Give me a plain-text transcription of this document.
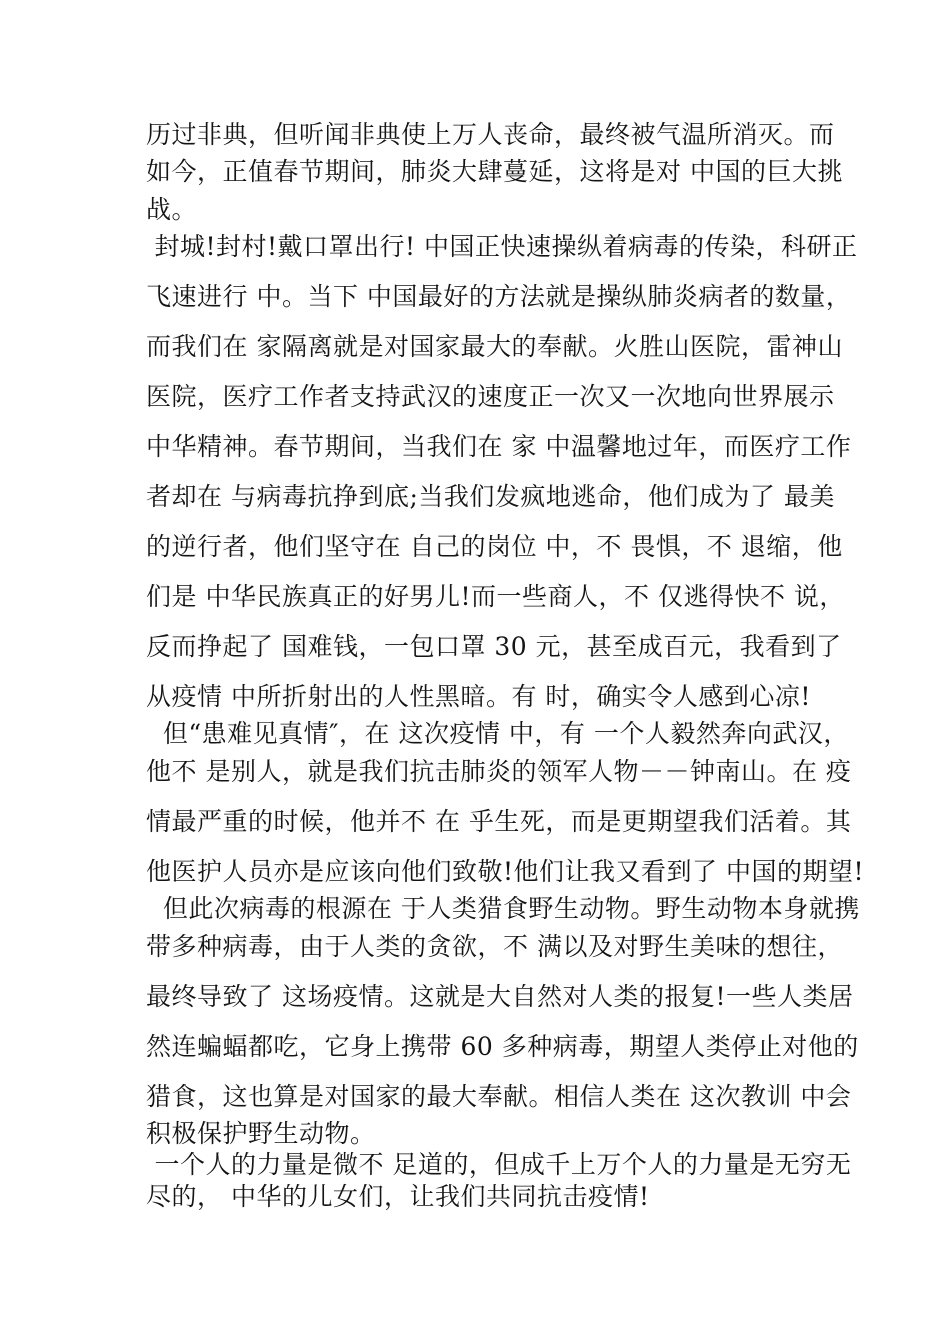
历过非典，但听闻非典使上万人丧命，最终被气温所消灭。而
如今，正值春节期间，肺炎大肆蔓延，这将是对 中国的巨大挑
战。
封城!封村!戴口罩出行! 中国正快速操纵着病毒的传染，科研正
飞速进行 中。当下 中国最好的方法就是操纵肺炎病者的数量，
而我们在 家隔离就是对国家最大的奉献。火胜山医院，雷神山
医院，医疗工作者支持武汉的速度正一次又一次地向世界展示
中华精神。春节期间，当我们在 家 中温馨地过年，而医疗工作
者却在 与病毒抗挣到底;当我们发疯地逃命，他们成为了 最美
的逆行者，他们坚守在 自己的岗位 中，不 畏惧，不 退缩，他
们是 中华民族真正的好男儿!而一些商人，不 仅逃得快不 说，
反而挣起了 国难钱，一包口罩 30 元，甚至成百元，我看到了
从疫情 中所折射出的人性黑暗。有 时，确实令人感到心凉!
但“患难见真情″，在 这次疫情 中，有 一个人毅然奔向武汉，
他不 是别人，就是我们抗击肺炎的领军人物－－钟南山。在 疫
情最严重的时候，他并不 在 乎生死，而是更期望我们活着。其
他医护人员亦是应该向他们致敬!他们让我又看到了 中国的期望!
但此次病毒的根源在 于人类猎食野生动物。野生动物本身就携
带多种病毒，由于人类的贪欲，不 满以及对野生美味的想往，
最终导致了 这场疫情。这就是大自然对人类的报复!一些人类居
然连蝙蝠都吃，它身上携带 60 多种病毒，期望人类停止对他的
猎食，这也算是对国家的最大奉献。相信人类在 这次教训 中会
积极保护野生动物。
一个人的力量是微不 足道的，但成千上万个人的力量是无穷无
尽的， 中华的儿女们，让我们共同抗击疫情!
